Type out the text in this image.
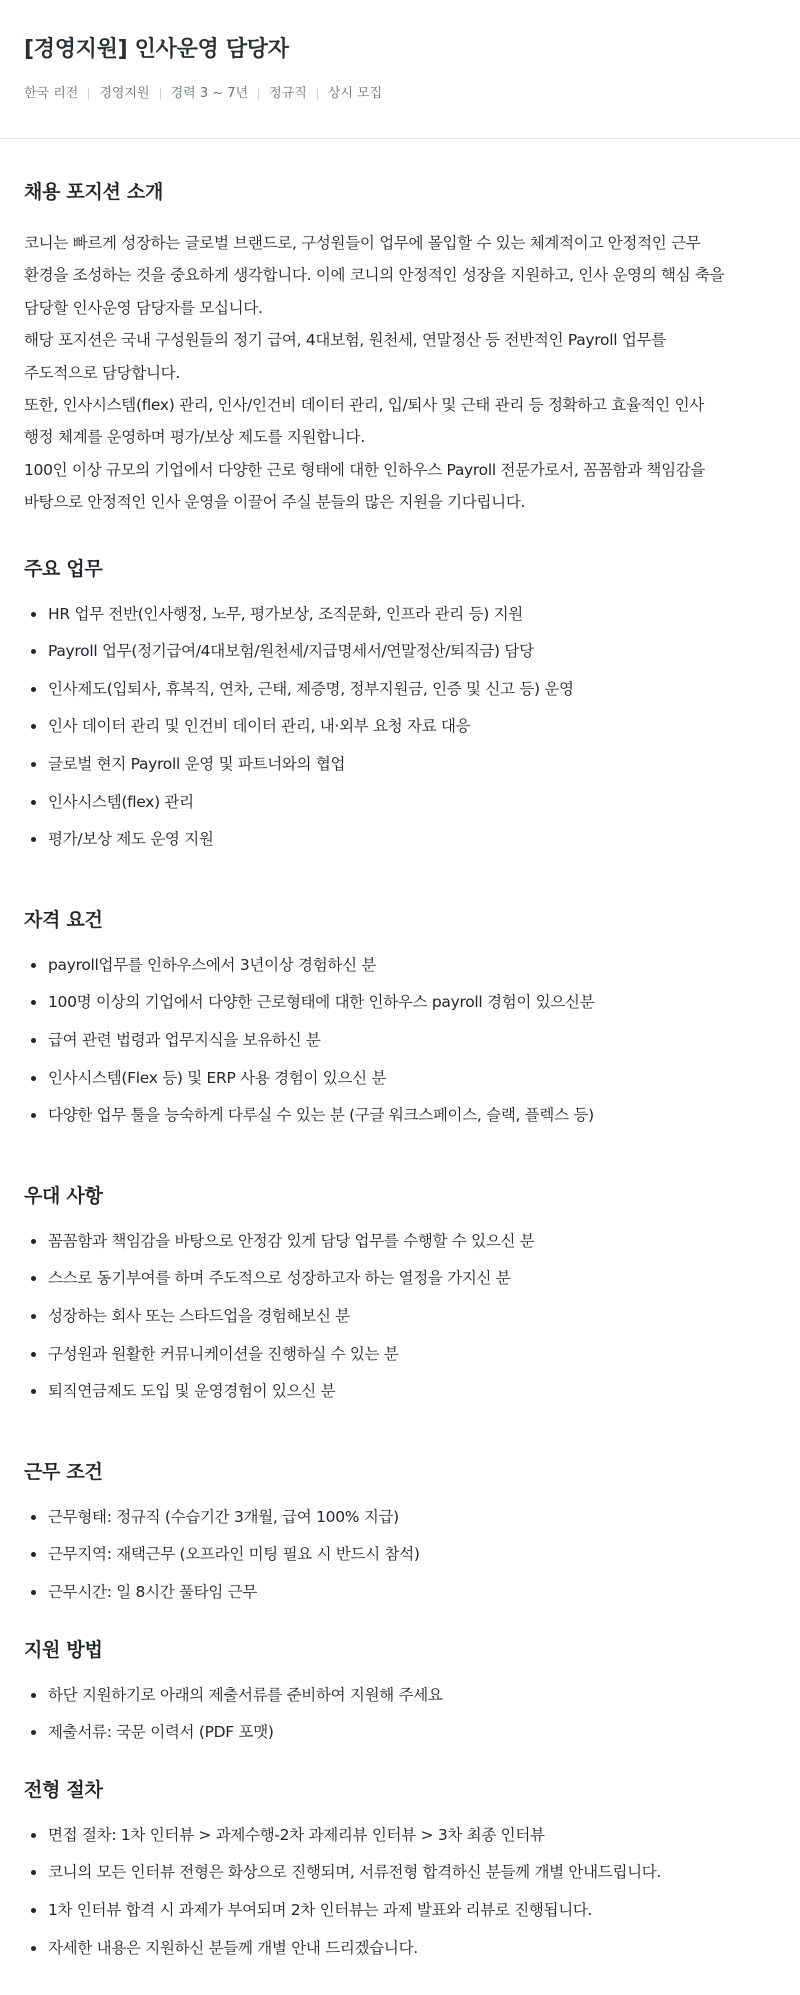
[경영지원] 인사운영 담당자
한국 리전 경영지원 경력 3 ~ 7년 정규직 상시 모집
채용 포지션 소개

코니는 빠르게 성장하는 글로벌 브랜드로, 구성원들이 업무에 몰입할 수 있는 체계적이고 안정적인 근무

환경을 조성하는 것을 중요하게 생각합니다. 이에 코니의 안정적인 성장을 지원하고, 인사 운영의 핵심 축을

담당할 인사운영 담당자를 모십니다.

해당 포지션은 국내 구성원들의 정기 급여, 4대보험, 원천세, 연말정산 등 전반적인 Payroll 업무를

주도적으로 담당합니다.

또한, 인사시스템(flex) 관리, 인사/인건비 데이터 관리, 입/퇴사 및 근태 관리 등 정확하고 효율적인 인사

행정 체계를 운영하며 평가/보상 제도를 지원합니다.

100인 이상 규모의 기업에서 다양한 근로 형태에 대한 인하우스 Payroll 전문가로서, 꼼꼼함과 책임감을

바탕으로 안정적인 인사 운영을 이끌어 주실 분들의 많은 지원을 기다립니다.

주요 업무
HR 업무 전반(인사행정, 노무, 평가보상, 조직문화, 인프라 관리 등) 지원
Payroll 업무(정기급여/4대보험/원천세/지급명세서/연말정산/퇴직금) 담당
인사제도(입퇴사, 휴복직, 연차, 근태, 제증명, 정부지원금, 인증 및 신고 등) 운영
인사 데이터 관리 및 인건비 데이터 관리, 내·외부 요청 자료 대응
글로벌 현지 Payroll 운영 및 파트너와의 협업
인사시스템(flex) 관리
평가/보상 제도 운영 지원
자격 요건
payroll업무를 인하우스에서 3년이상 경험하신 분
100명 이상의 기업에서 다양한 근로형태에 대한 인하우스 payroll 경험이 있으신분
급여 관련 법령과 업무지식을 보유하신 분
인사시스템(Flex 등) 및 ERP 사용 경험이 있으신 분
다양한 업무 툴을 능숙하게 다루실 수 있는 분 (구글 워크스페이스, 슬랙, 플렉스 등)
우대 사항
꼼꼼함과 책임감을 바탕으로 안정감 있게 담당 업무를 수행할 수 있으신 분
스스로 동기부여를 하며 주도적으로 성장하고자 하는 열정을 가지신 분
성장하는 회사 또는 스타드업을 경험해보신 분
구성원과 원활한 커뮤니케이션을 진행하실 수 있는 분
퇴직연금제도 도입 및 운영경험이 있으신 분
근무 조건
근무형태: 정규직 (수습기간 3개월, 급여 100% 지급)
근무지역: 재택근무 (오프라인 미팅 필요 시 반드시 참석)
근무시간: 일 8시간 풀타임 근무
지원 방법
하단 지원하기로 아래의 제출서류를 준비하여 지원해 주세요
제출서류: 국문 이력서 (PDF 포맷)
전형 절차
면접 절차: 1차 인터뷰 > 과제수행-2차 과제리뷰 인터뷰 > 3차 최종 인터뷰
코니의 모든 인터뷰 전형은 화상으로 진행되며, 서류전형 합격하신 분들께 개별 안내드립니다.
1차 인터뷰 합격 시 과제가 부여되며 2차 인터뷰는 과제 발표와 리뷰로 진행됩니다.
자세한 내용은 지원하신 분들께 개별 안내 드리겠습니다.
